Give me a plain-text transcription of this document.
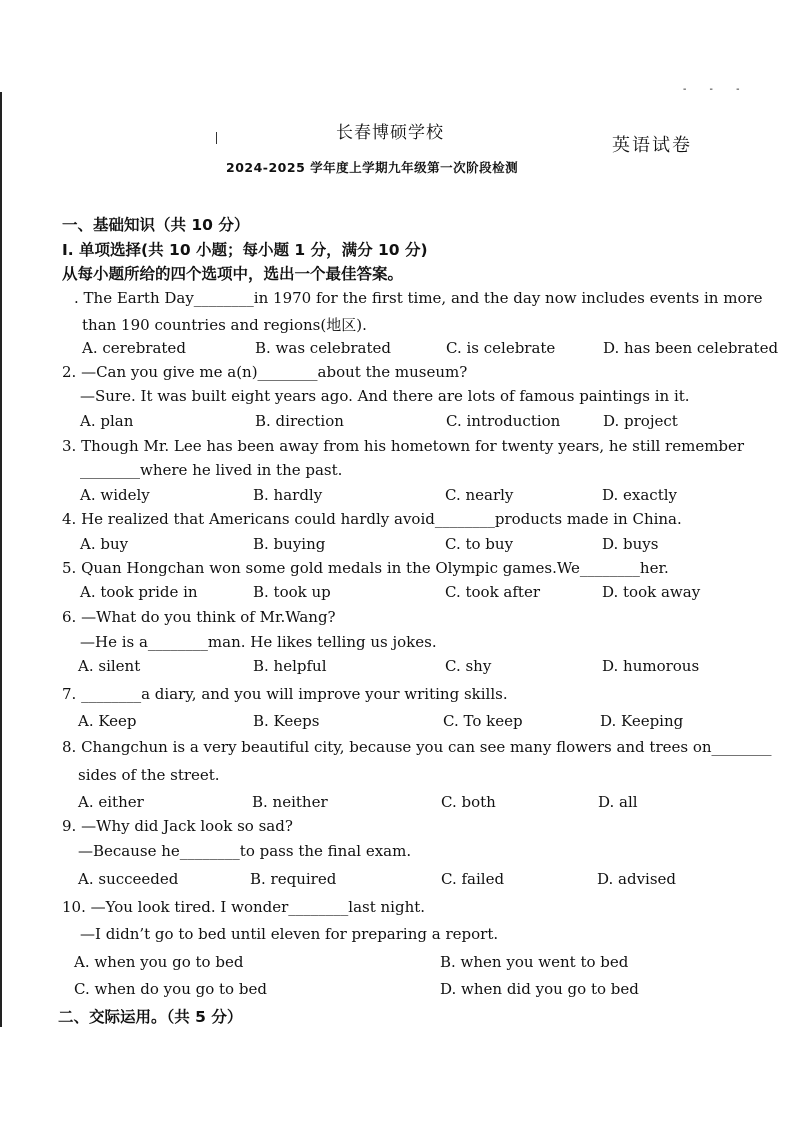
- - -
长春博硕学校
英语试卷
2024-2025 学年度上学期九年级第一次阶段检测
一、基础知识（共 10 分）
I. 单项选择(共 10 小题；每小题 1 分，满分 10 分)
从每小题所给的四个选项中，选出一个最佳答案。
. The Earth Day________in 1970 for the first time, and the day now includes events in more
than 190 countries and regions(地区).
A. cerebrated	B. was celebrated	C. is celebrate	D. has been celebrated
2. —Can you give me a(n)________about the museum?
—Sure. It was built eight years ago. And there are lots of famous paintings in it.
A. plan	B. direction	C. introduction	D. project
3. Though Mr. Lee has been away from his hometown for twenty years, he still remember
________where he lived in the past.
A. widely	B. hardly	C. nearly	D. exactly
4. He realized that Americans could hardly avoid________products made in China.
A. buy	B. buying	C. to buy	D. buys
5. Quan Hongchan won some gold medals in the Olympic games.We________her.
A. took pride in	B. took up	C. took after	D. took away
6. —What do you think of Mr.Wang?
—He is a________man. He likes telling us jokes.
A. silent	B. helpful	C. shy	D. humorous
7. ________a diary, and you will improve your writing skills.
A. Keep	B. Keeps	C. To keep	D. Keeping
8. Changchun is a very beautiful city, because you can see many flowers and trees on________
sides of the street.
A. either	B. neither	C. both	D. all
9. —Why did Jack look so sad?
—Because he________to pass the final exam.
A. succeeded	B. required	C. failed	D. advised
10. —You look tired. I wonder________last night.
—I didn’t go to bed until eleven for preparing a report.
A. when you go to bed	B. when you went to bed
C. when do you go to bed	D. when did you go to bed
二、交际运用。（共 5 分）
